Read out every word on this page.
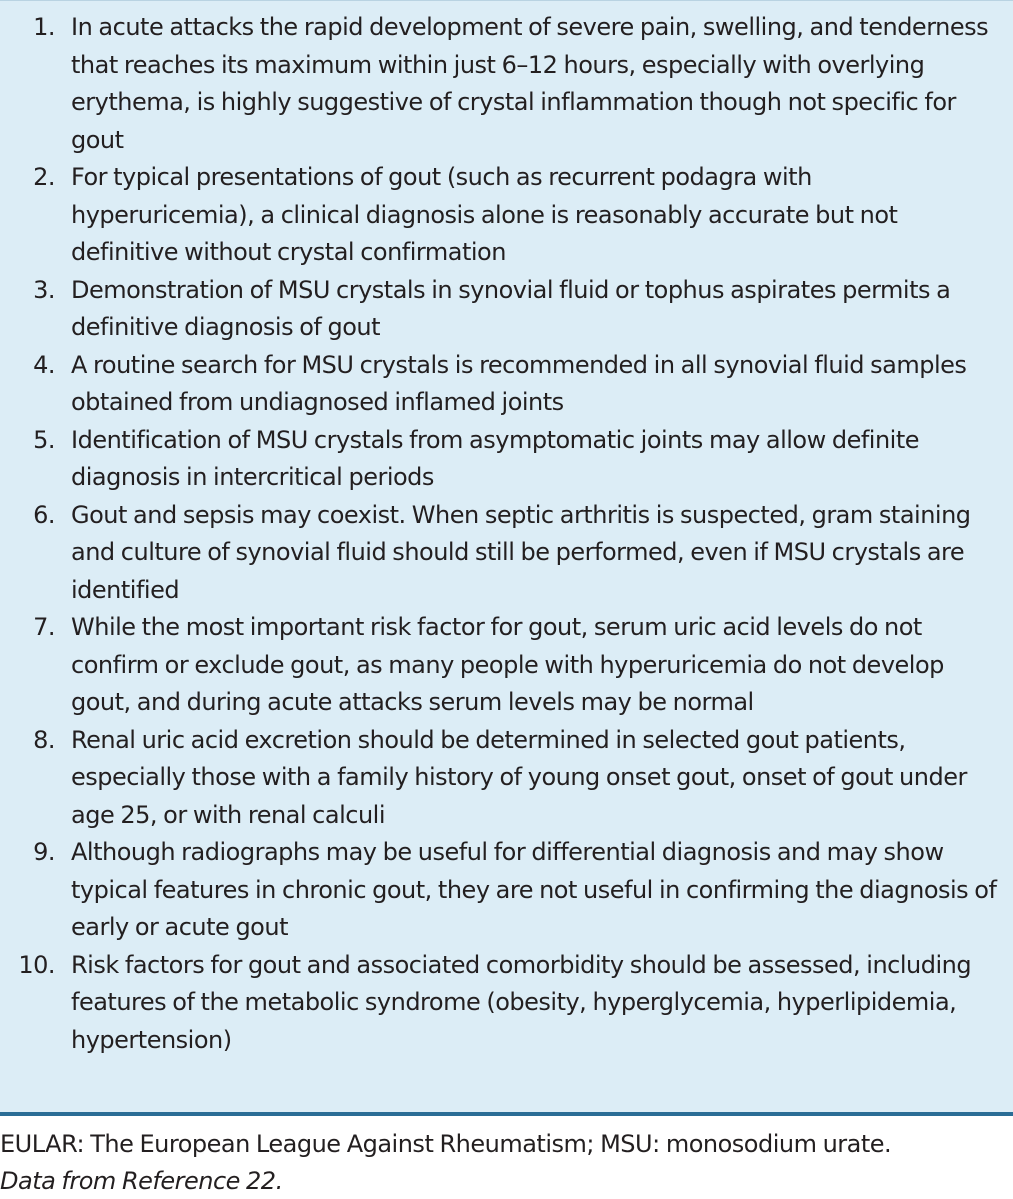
1. In acute attacks the rapid development of severe pain, swelling, and tenderness that reaches its maximum within just 6–12 hours, especially with overlying erythema, is highly suggestive of crystal inflammation though not specific for gout
2. For typical presentations of gout (such as recurrent podagra with hyperuricemia), a clinical diagnosis alone is reasonably accurate but not definitive without crystal confirmation
3. Demonstration of MSU crystals in synovial fluid or tophus aspirates permits a definitive diagnosis of gout
4. A routine search for MSU crystals is recommended in all synovial fluid samples obtained from undiagnosed inflamed joints
5. Identification of MSU crystals from asymptomatic joints may allow definite diagnosis in intercritical periods
6. Gout and sepsis may coexist. When septic arthritis is suspected, gram staining and culture of synovial fluid should still be performed, even if MSU crystals are identified
7. While the most important risk factor for gout, serum uric acid levels do not confirm or exclude gout, as many people with hyperuricemia do not develop gout, and during acute attacks serum levels may be normal
8. Renal uric acid excretion should be determined in selected gout patients, especially those with a family history of young onset gout, onset of gout under age 25, or with renal calculi
9. Although radiographs may be useful for differential diagnosis and may show typical features in chronic gout, they are not useful in confirming the diagnosis of early or acute gout
10. Risk factors for gout and associated comorbidity should be assessed, including features of the metabolic syndrome (obesity, hyperglycemia, hyperlipidemia, hypertension)
EULAR: The European League Against Rheumatism; MSU: monosodium urate.
Data from Reference 22.
